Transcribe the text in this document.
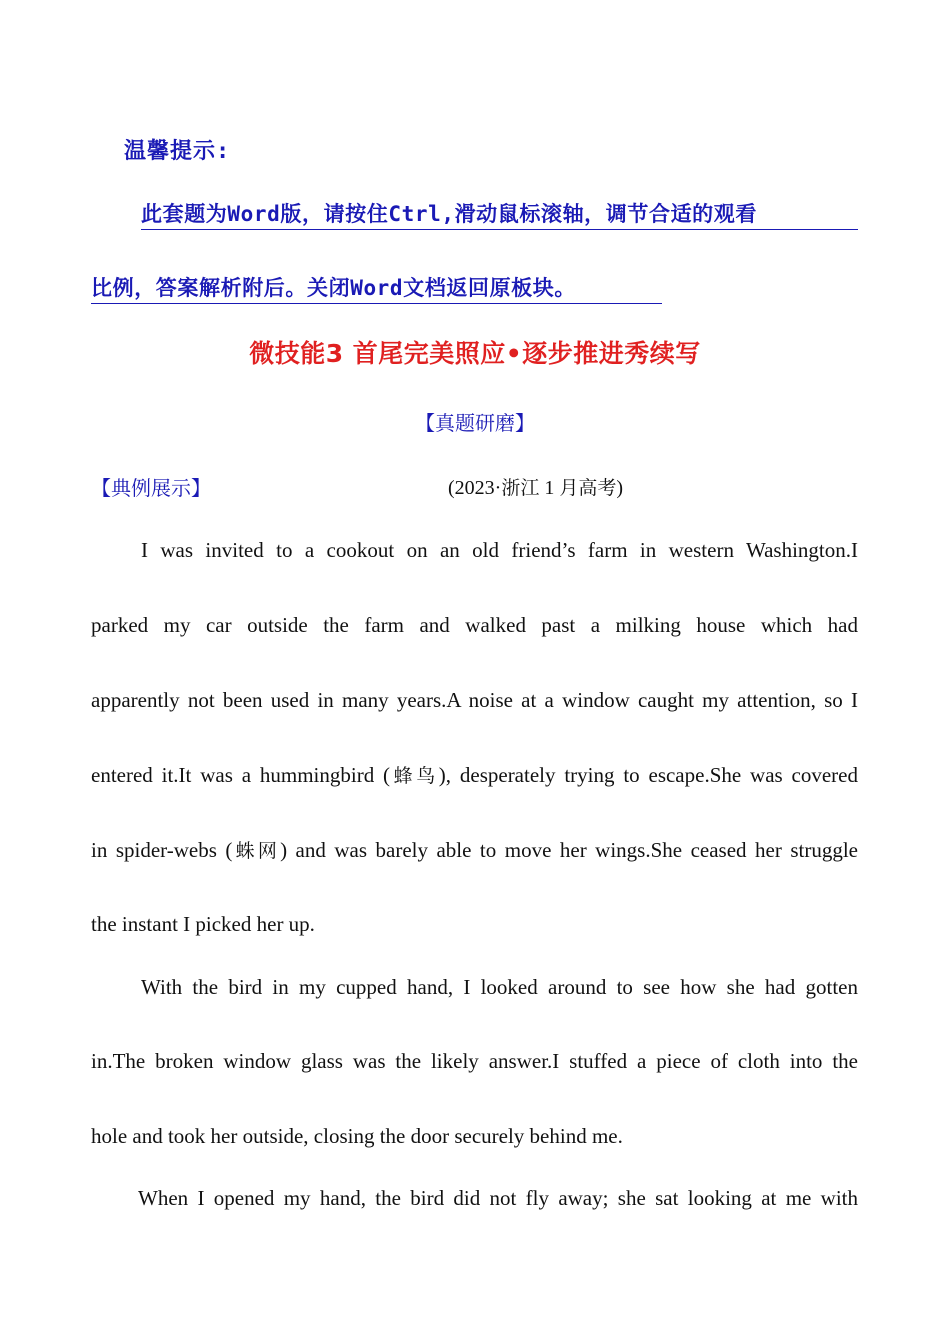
温馨提示:
此套题为Word版，请按住Ctrl,滑动鼠标滚轴，调节合适的观看
比例，答案解析附后。关闭Word文档返回原板块。
微技能3 首尾完美照应•逐步推进秀续写
【真题研磨】
【典例展示】	(2023·浙江 1 月高考)
I was invited to a cookout on an old friend’s farm in western Washington.I
parked my car outside the farm and walked past a milking house which had
apparently not been used in many years.A noise at a window caught my attention, so I
entered it.It was a hummingbird (蜂鸟), desperately trying to escape.She was covered
in spider-webs (蛛网) and was barely able to move her wings.She ceased her struggle
the instant I picked her up.
With the bird in my cupped hand, I looked around to see how she had gotten
in.The broken window glass was the likely answer.I stuffed a piece of cloth into the
hole and took her outside, closing the door securely behind me.
When I opened my hand, the bird did not fly away; she sat looking at me with
